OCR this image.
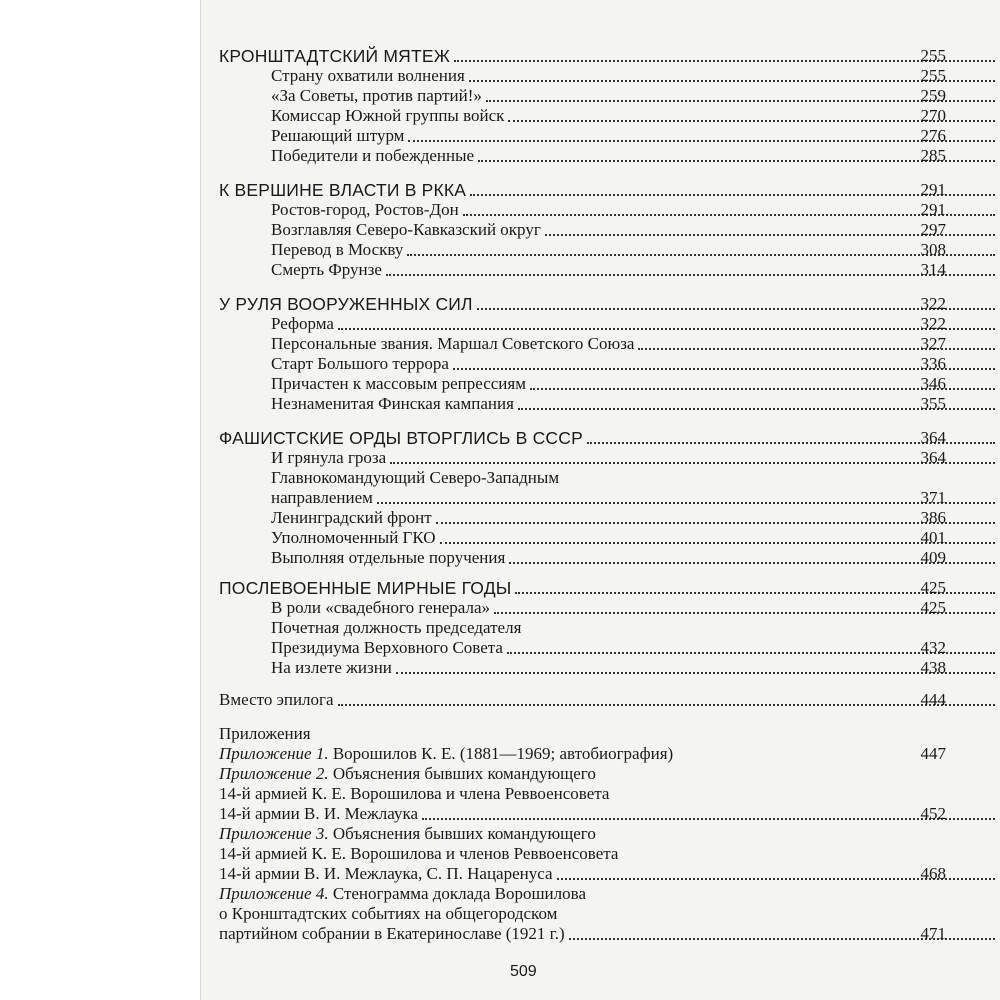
КРОНШТАДТСКИЙ МЯТЕЖ	255
Страну охватили волнения	255
«За Советы, против партий!»	259
Комиссар Южной группы войск	270
Решающий штурм	276
Победители и побежденные	285
К ВЕРШИНЕ ВЛАСТИ В РККА	291
Ростов-город, Ростов-Дон	291
Возглавляя Северо-Кавказский округ	297
Перевод в Москву	308
Смерть Фрунзе	314
У РУЛЯ ВООРУЖЕННЫХ СИЛ	322
Реформа	322
Персональные звания. Маршал Советского Союза	327
Старт Большого террора	336
Причастен к массовым репрессиям	346
Незнаменитая Финская кампания	355
ФАШИСТСКИЕ ОРДЫ ВТОРГЛИСЬ В СССР	364
И грянула гроза	364
Главнокомандующий Северо-Западным
направлением	371
Ленинградский фронт	386
Уполномоченный ГКО	401
Выполняя отдельные поручения	409
ПОСЛЕВОЕННЫЕ МИРНЫЕ ГОДЫ	425
В роли «свадебного генерала»	425
Почетная должность председателя
Президиума Верховного Совета	432
На излете жизни	438
Вместо эпилога	444
Приложения
Приложение 1. Ворошилов К. Е. (1881—1969; автобиография)	447
Приложение 2. Объяснения бывших командующего
14-й армией К. Е. Ворошилова и члена Реввоенсовета
14-й армии В. И. Межлаука	452
Приложение 3. Объяснения бывших командующего
14-й армией К. Е. Ворошилова и членов Реввоенсовета
14-й армии В. И. Межлаука, С. П. Нацаренуса	468
Приложение 4. Стенограмма доклада Ворошилова
о Кронштадтских событиях на общегородском
партийном собрании в Екатеринославе (1921 г.)	471
509
